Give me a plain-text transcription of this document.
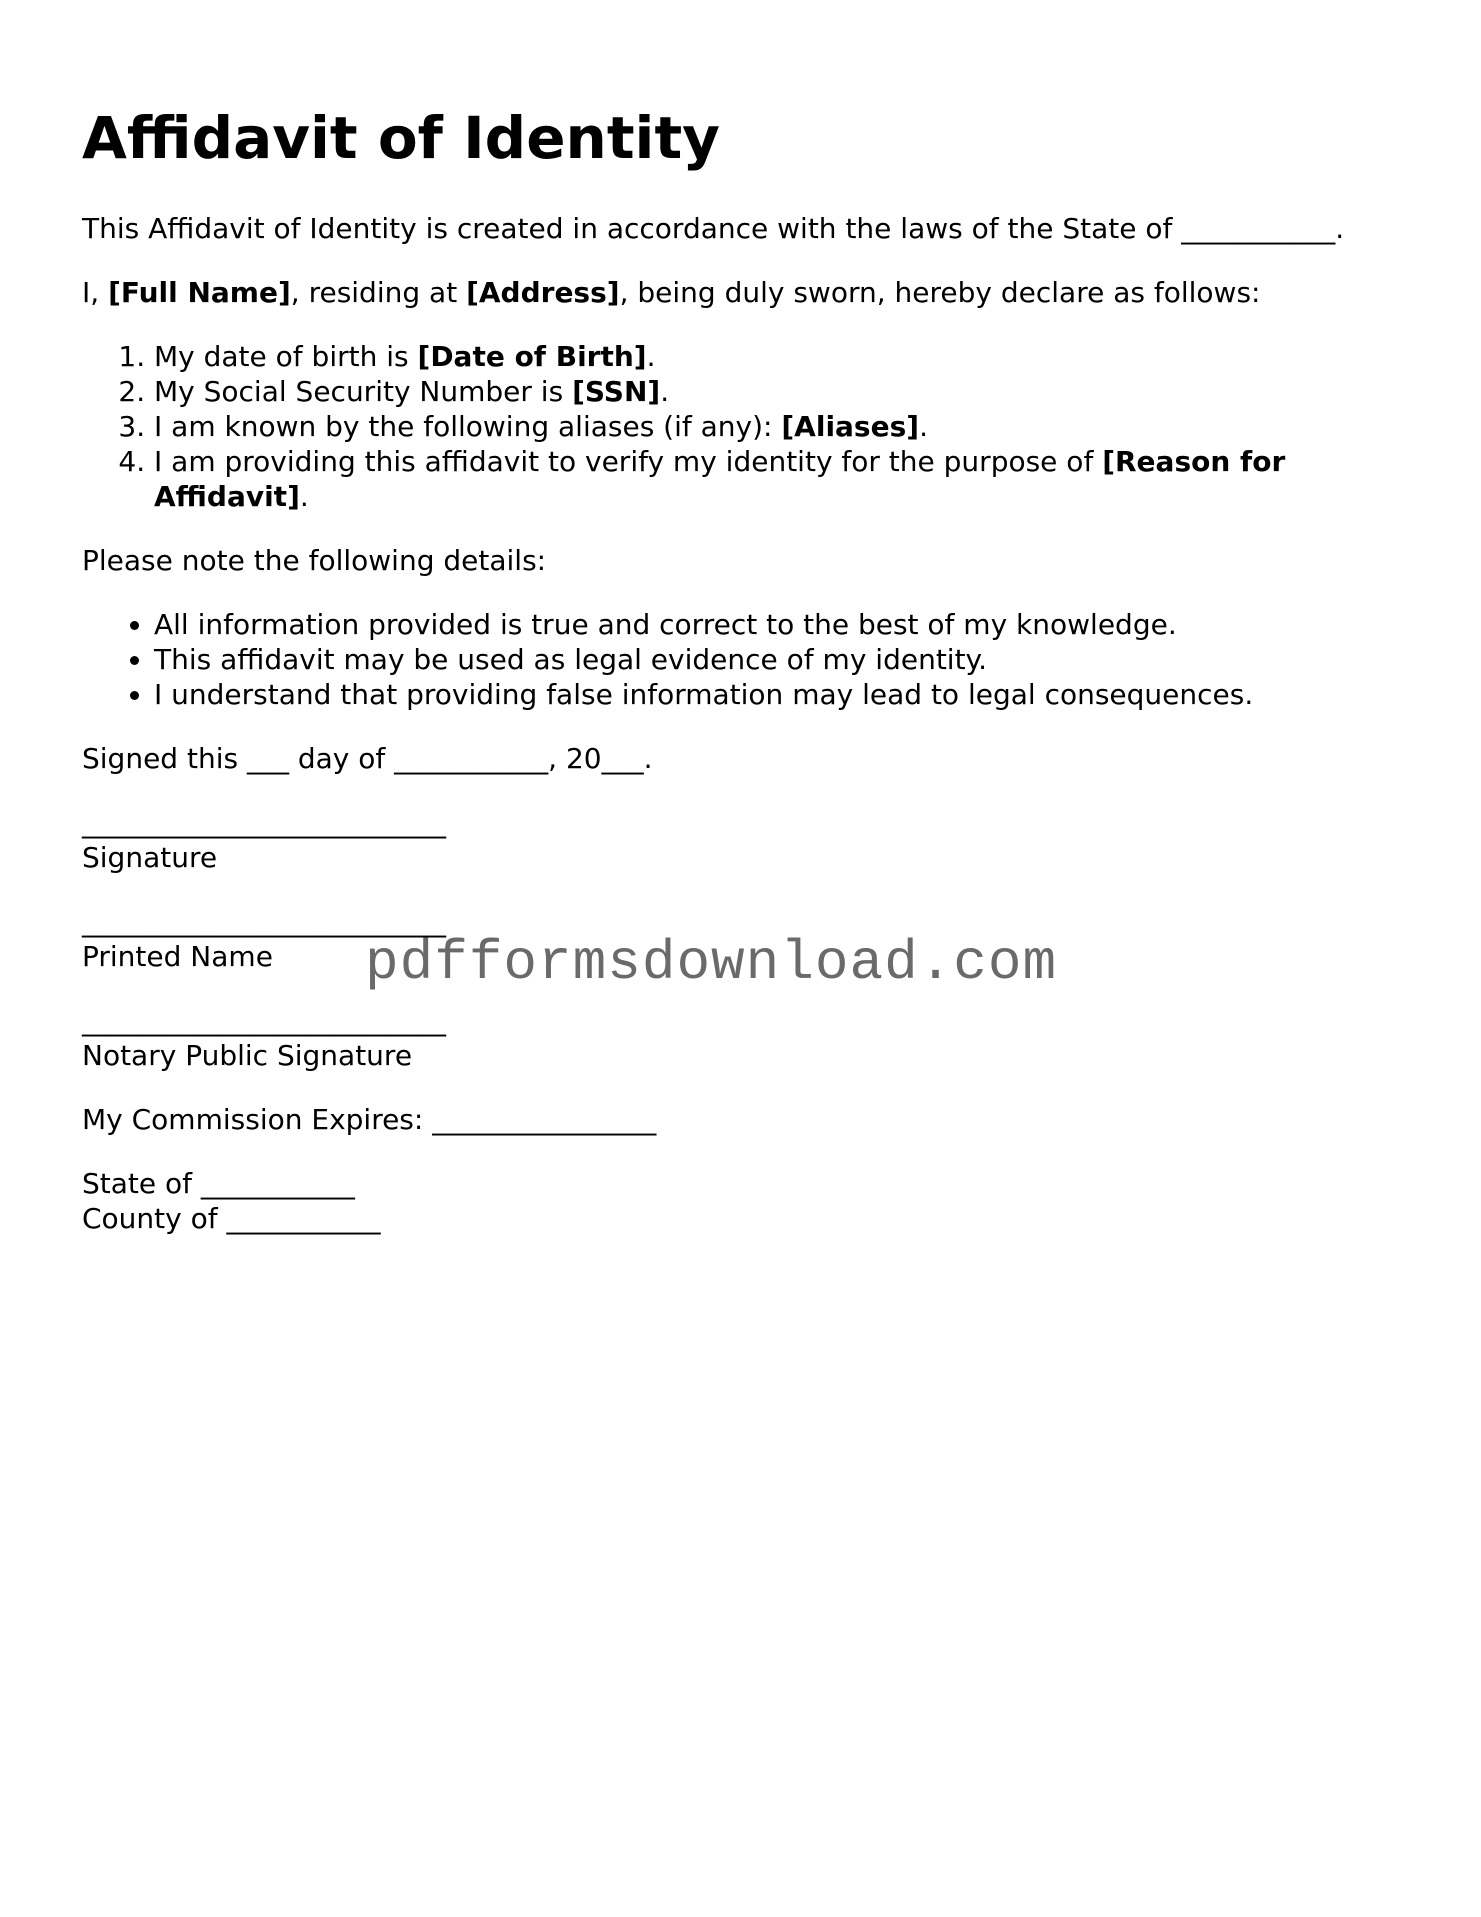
Affidavit of Identity

This Affidavit of Identity is created in accordance with the laws of the State of ___________.

I, [Full Name], residing at [Address], being duly sworn, hereby declare as follows:

1. My date of birth is [Date of Birth].
2. My Social Security Number is [SSN].
3. I am known by the following aliases (if any): [Aliases].
4. I am providing this affidavit to verify my identity for the purpose of [Reason for Affidavit].

Please note the following details:

• All information provided is true and correct to the best of my knowledge.
• This affidavit may be used as legal evidence of my identity.
• I understand that providing false information may lead to legal consequences.

Signed this ___ day of ___________, 20___.

__________________________

Signature

__________________________

Printed Name

__________________________

Notary Public Signature

My Commission Expires: ________________

State of ___________

County of ___________

pdfformsdownload.com
